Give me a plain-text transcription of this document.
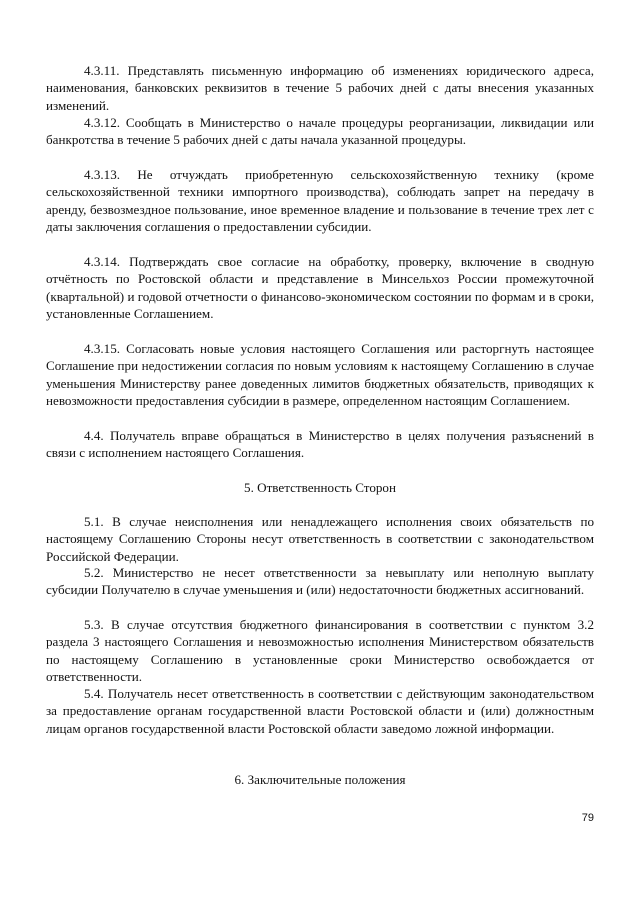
4.3.11. Представлять письменную информацию об изменениях юридического адреса, наименования, банковских реквизитов в течение 5 рабочих дней с даты внесения указанных изменений.

4.3.12. Сообщать в Министерство о начале процедуры реорганизации, ликвидации или банкротства в течение 5 рабочих дней с даты начала указанной процедуры.

4.3.13. Не отчуждать приобретенную сельскохозяйственную технику (кроме сельскохозяйственной техники импортного производства), соблюдать запрет на передачу в аренду, безвозмездное пользование, иное временное владение и пользование в течение трех лет с даты заключения соглашения о предоставлении субсидии.

4.3.14. Подтверждать свое согласие на обработку, проверку, включение в сводную отчётность по Ростовской области и представление в Минсельхоз России промежуточной (квартальной) и годовой отчетности о финансово-экономическом состоянии по формам и в сроки, установленные Соглашением.

4.3.15. Согласовать новые условия настоящего Соглашения или расторгнуть настоящее Соглашение при недостижении согласия по новым условиям к настоящему Соглашению в случае уменьшения Министерству ранее доведенных лимитов бюджетных обязательств, приводящих к невозможности предоставления субсидии в размере, определенном настоящим Соглашением.

4.4. Получатель вправе обращаться в Министерство в целях получения разъяснений в связи с исполнением настоящего Соглашения.

5. Ответственность Сторон

5.1. В случае неисполнения или ненадлежащего исполнения своих обязательств по настоящему Соглашению Стороны несут ответственность в соответствии с законодательством Российской Федерации.

5.2. Министерство не несет ответственности за невыплату или неполную выплату субсидии Получателю в случае уменьшения и (или) недостаточности бюджетных ассигнований.

5.3. В случае отсутствия бюджетного финансирования в соответствии с пунктом 3.2 раздела 3 настоящего Соглашения и невозможностью исполнения Министерством обязательств по настоящему Соглашению в установленные сроки Министерство освобождается от ответственности.

5.4. Получатель несет ответственность в соответствии с действующим законодательством за предоставление органам государственной власти Ростовской области и (или) должностным лицам органов государственной власти Ростовской области заведомо ложной информации.

6. Заключительные положения

79
